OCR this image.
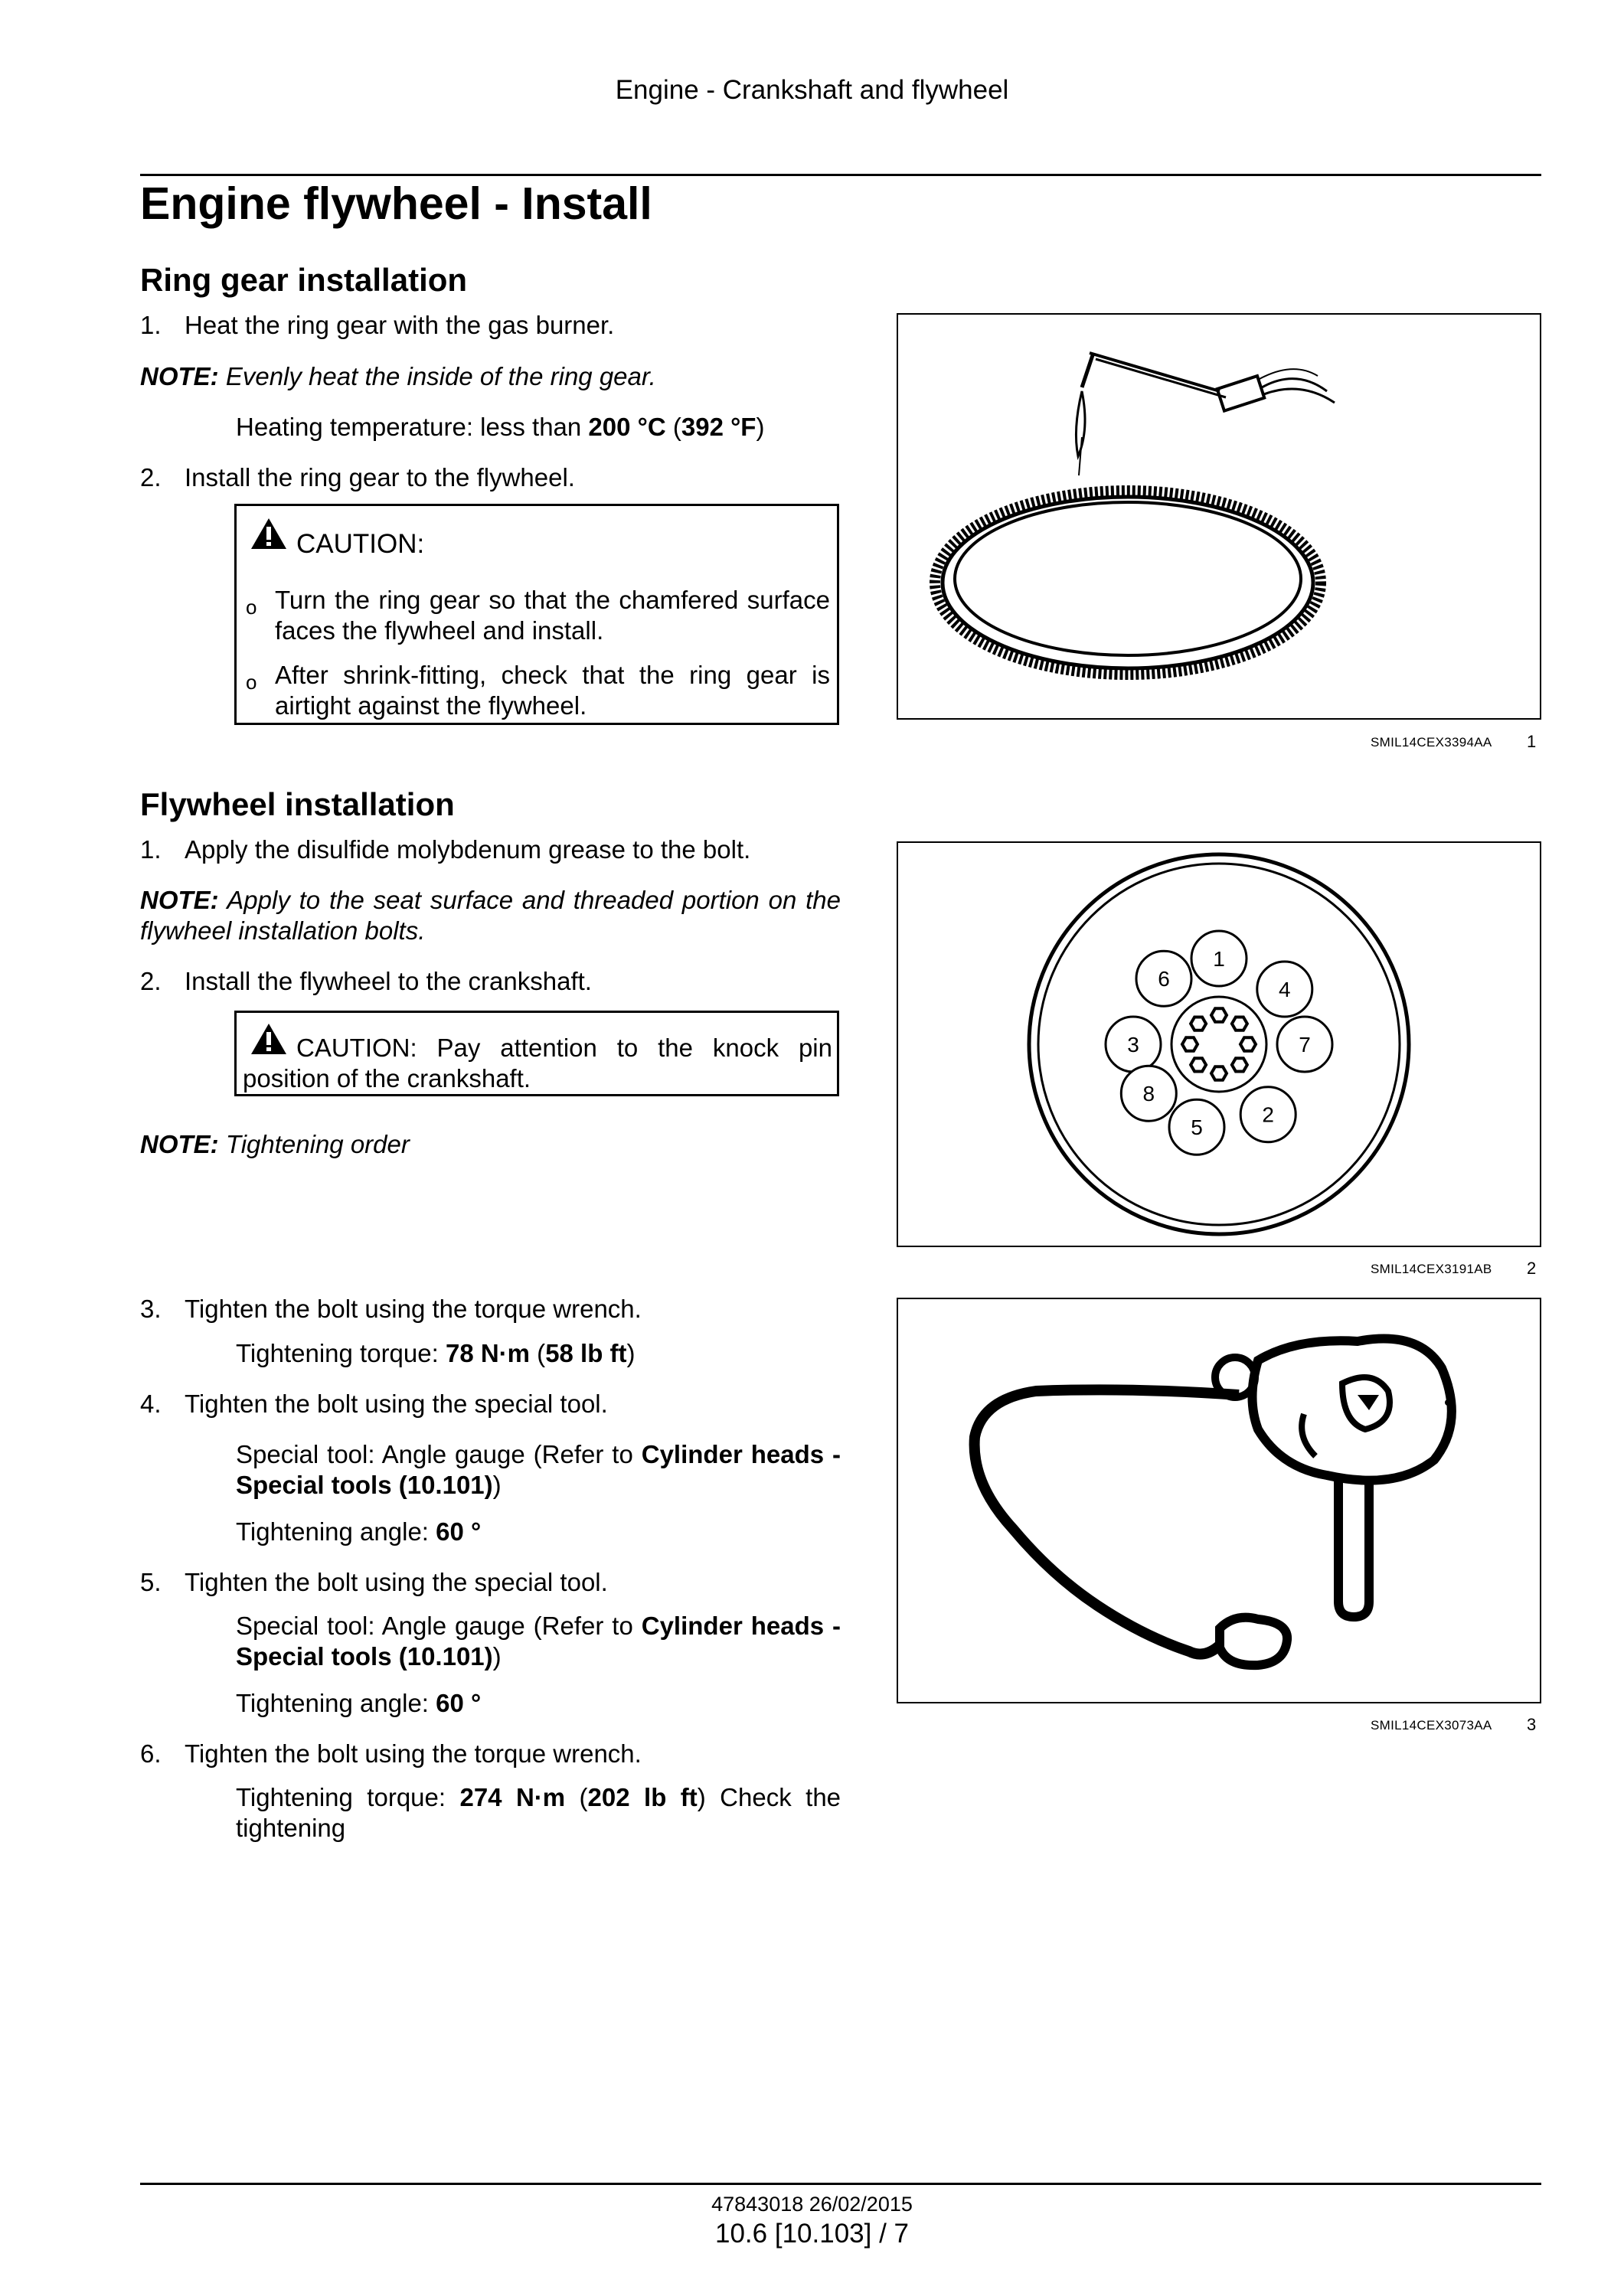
Engine - Crankshaft and flywheel
Engine flywheel - Install
Ring gear installation
1. Heat the ring gear with the gas burner.
NOTE: Evenly heat the inside of the ring gear.
Heating temperature: less than 200 °C (392 °F)
2. Install the ring gear to the flywheel.
CAUTION:
o Turn the ring gear so that the chamfered surface faces the flywheel and install.
o After shrink-fitting, check that the ring gear is airtight against the flywheel.
SMIL14CEX3394AA 1
Flywheel installation
1. Apply the disulfide molybdenum grease to the bolt.
NOTE: Apply to the seat surface and threaded portion on the flywheel installation bolts.
2. Install the flywheel to the crankshaft.
CAUTION: Pay attention to the knock pin position of the crankshaft.
NOTE: Tightening order
1
2
3
4
5
6
7
8
SMIL14CEX3191AB 2
3. Tighten the bolt using the torque wrench.
Tightening torque: 78 N·m (58 lb ft)
4. Tighten the bolt using the special tool.
Special tool: Angle gauge (Refer to Cylinder heads - Special tools (10.101))
Tightening angle: 60 °
5. Tighten the bolt using the special tool.
Special tool: Angle gauge (Refer to Cylinder heads - Special tools (10.101))
Tightening angle: 60 °
6. Tighten the bolt using the torque wrench.
Tightening torque: 274 N·m (202 lb ft) Check the tightening
SMIL14CEX3073AA 3
47843018 26/02/2015
10.6 [10.103] / 7
